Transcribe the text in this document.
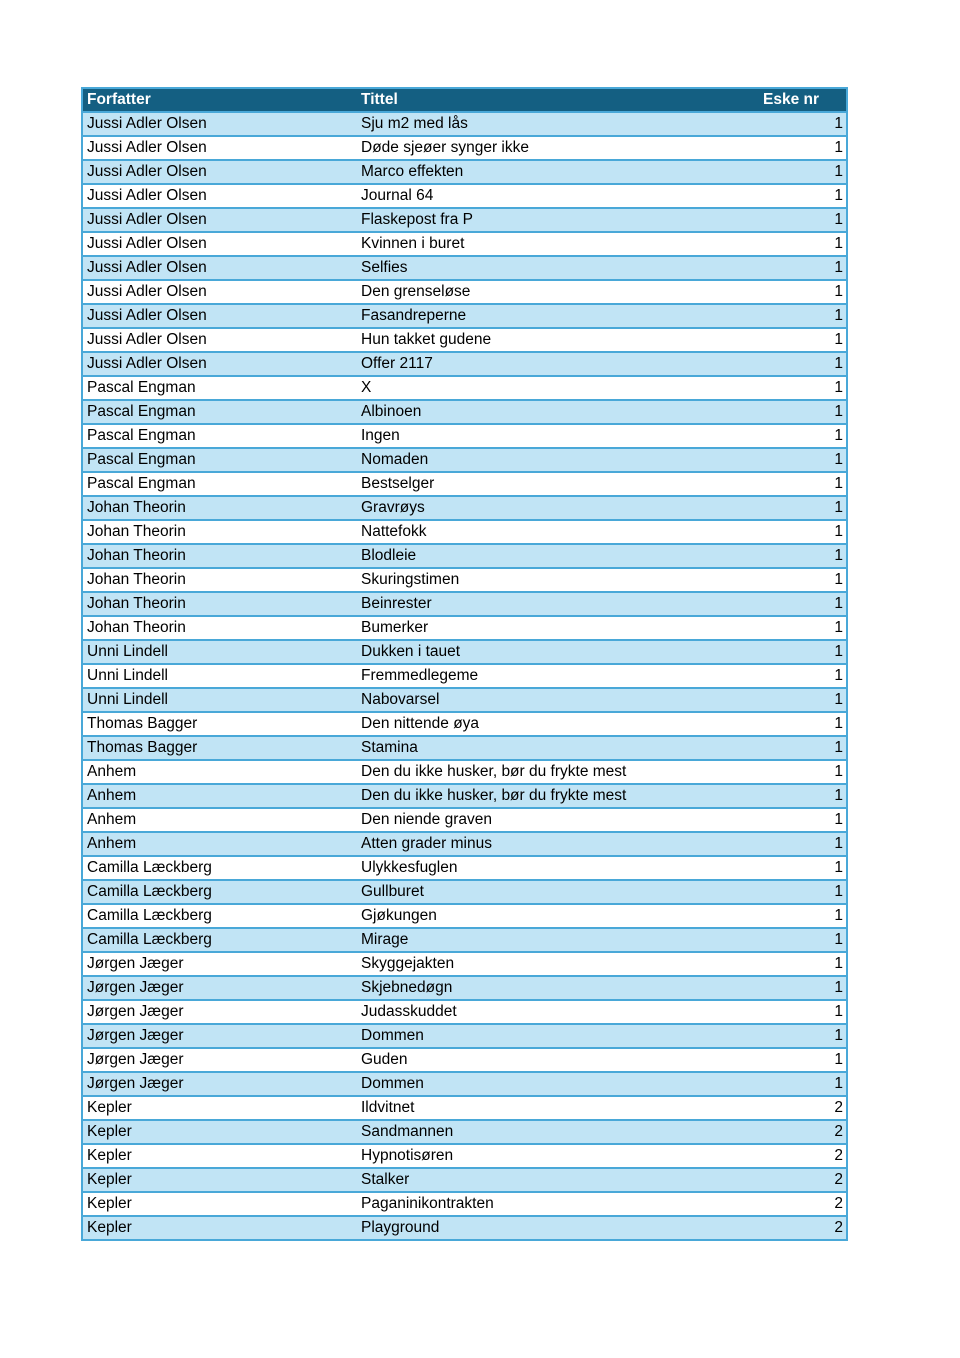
Forfatter	Tittel	Eske nr
Jussi Adler Olsen	Sju m2 med lås	1
Jussi Adler Olsen	Døde sjeøer synger ikke	1
Jussi Adler Olsen	Marco effekten	1
Jussi Adler Olsen	Journal 64	1
Jussi Adler Olsen	Flaskepost fra P	1
Jussi Adler Olsen	Kvinnen i buret	1
Jussi Adler Olsen	Selfies	1
Jussi Adler Olsen	Den grenseløse	1
Jussi Adler Olsen	Fasandreperne	1
Jussi Adler Olsen	Hun takket gudene	1
Jussi Adler Olsen	Offer 2117	1
Pascal Engman	X	1
Pascal Engman	Albinoen	1
Pascal Engman	Ingen	1
Pascal Engman	Nomaden	1
Pascal Engman	Bestselger	1
Johan Theorin	Gravrøys	1
Johan Theorin	Nattefokk	1
Johan Theorin	Blodleie	1
Johan Theorin	Skuringstimen	1
Johan Theorin	Beinrester	1
Johan Theorin	Bumerker	1
Unni Lindell	Dukken i tauet	1
Unni Lindell	Fremmedlegeme	1
Unni Lindell	Nabovarsel	1
Thomas Bagger	Den nittende øya	1
Thomas Bagger	Stamina	1
Anhem	Den du ikke husker, bør du frykte mest	1
Anhem	Den du ikke husker, bør du frykte mest	1
Anhem	Den niende graven	1
Anhem	Atten grader minus	1
Camilla Læckberg	Ulykkesfuglen	1
Camilla Læckberg	Gullburet	1
Camilla Læckberg	Gjøkungen	1
Camilla Læckberg	Mirage	1
Jørgen Jæger	Skyggejakten	1
Jørgen Jæger	Skjebnedøgn	1
Jørgen Jæger	Judasskuddet	1
Jørgen Jæger	Dommen	1
Jørgen Jæger	Guden	1
Jørgen Jæger	Dommen	1
Kepler	Ildvitnet	2
Kepler	Sandmannen	2
Kepler	Hypnotisøren	2
Kepler	Stalker	2
Kepler	Paganinikontrakten	2
Kepler	Playground	2
